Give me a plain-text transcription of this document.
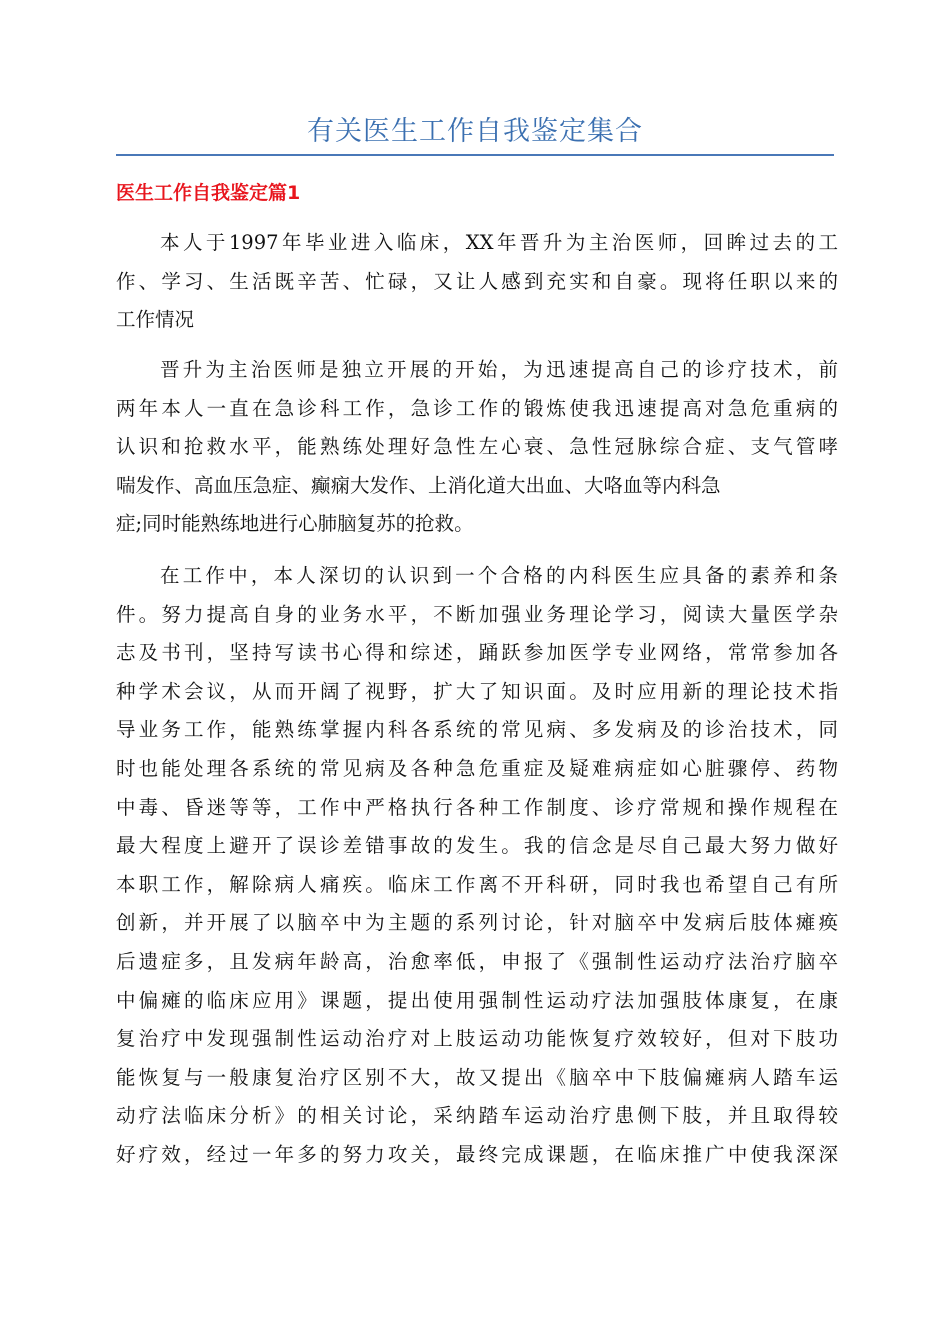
有关医生工作自我鉴定集合
医生工作自我鉴定篇1

本人于1997年毕业进入临床，XX年晋升为主治医师，回眸过去的工
作、学习、生活既辛苦、忙碌，又让人感到充实和自豪。现将任职以来的
工作情况

晋升为主治医师是独立开展的开始，为迅速提高自己的诊疗技术，前
两年本人一直在急诊科工作，急诊工作的锻炼使我迅速提高对急危重病的
认识和抢救水平，能熟练处理好急性左心衰、急性冠脉综合症、支气管哮
喘发作、高血压急症、癫痫大发作、上消化道大出血、大咯血等内科急
症;同时能熟练地进行心肺脑复苏的抢救。

在工作中，本人深切的认识到一个合格的内科医生应具备的素养和条
件。努力提高自身的业务水平，不断加强业务理论学习，阅读大量医学杂
志及书刊，坚持写读书心得和综述，踊跃参加医学专业网络，常常参加各
种学术会议，从而开阔了视野，扩大了知识面。及时应用新的理论技术指
导业务工作，能熟练掌握内科各系统的常见病、多发病及的诊治技术，同
时也能处理各系统的常见病及各种急危重症及疑难病症如心脏骤停、药物
中毒、昏迷等等，工作中严格执行各种工作制度、诊疗常规和操作规程在
最大程度上避开了误诊差错事故的发生。我的信念是尽自己最大努力做好
本职工作，解除病人痛疾。临床工作离不开科研，同时我也希望自己有所
创新，并开展了以脑卒中为主题的系列讨论，针对脑卒中发病后肢体瘫痪
后遗症多，且发病年龄高，治愈率低，申报了《强制性运动疗法治疗脑卒
中偏瘫的临床应用》课题，提出使用强制性运动疗法加强肢体康复，在康
复治疗中发现强制性运动治疗对上肢运动功能恢复疗效较好，但对下肢功
能恢复与一般康复治疗区别不大，故又提出《脑卒中下肢偏瘫病人踏车运
动疗法临床分析》的相关讨论，采纳踏车运动治疗患侧下肢，并且取得较
好疗效，经过一年多的努力攻关，最终完成课题，在临床推广中使我深深
